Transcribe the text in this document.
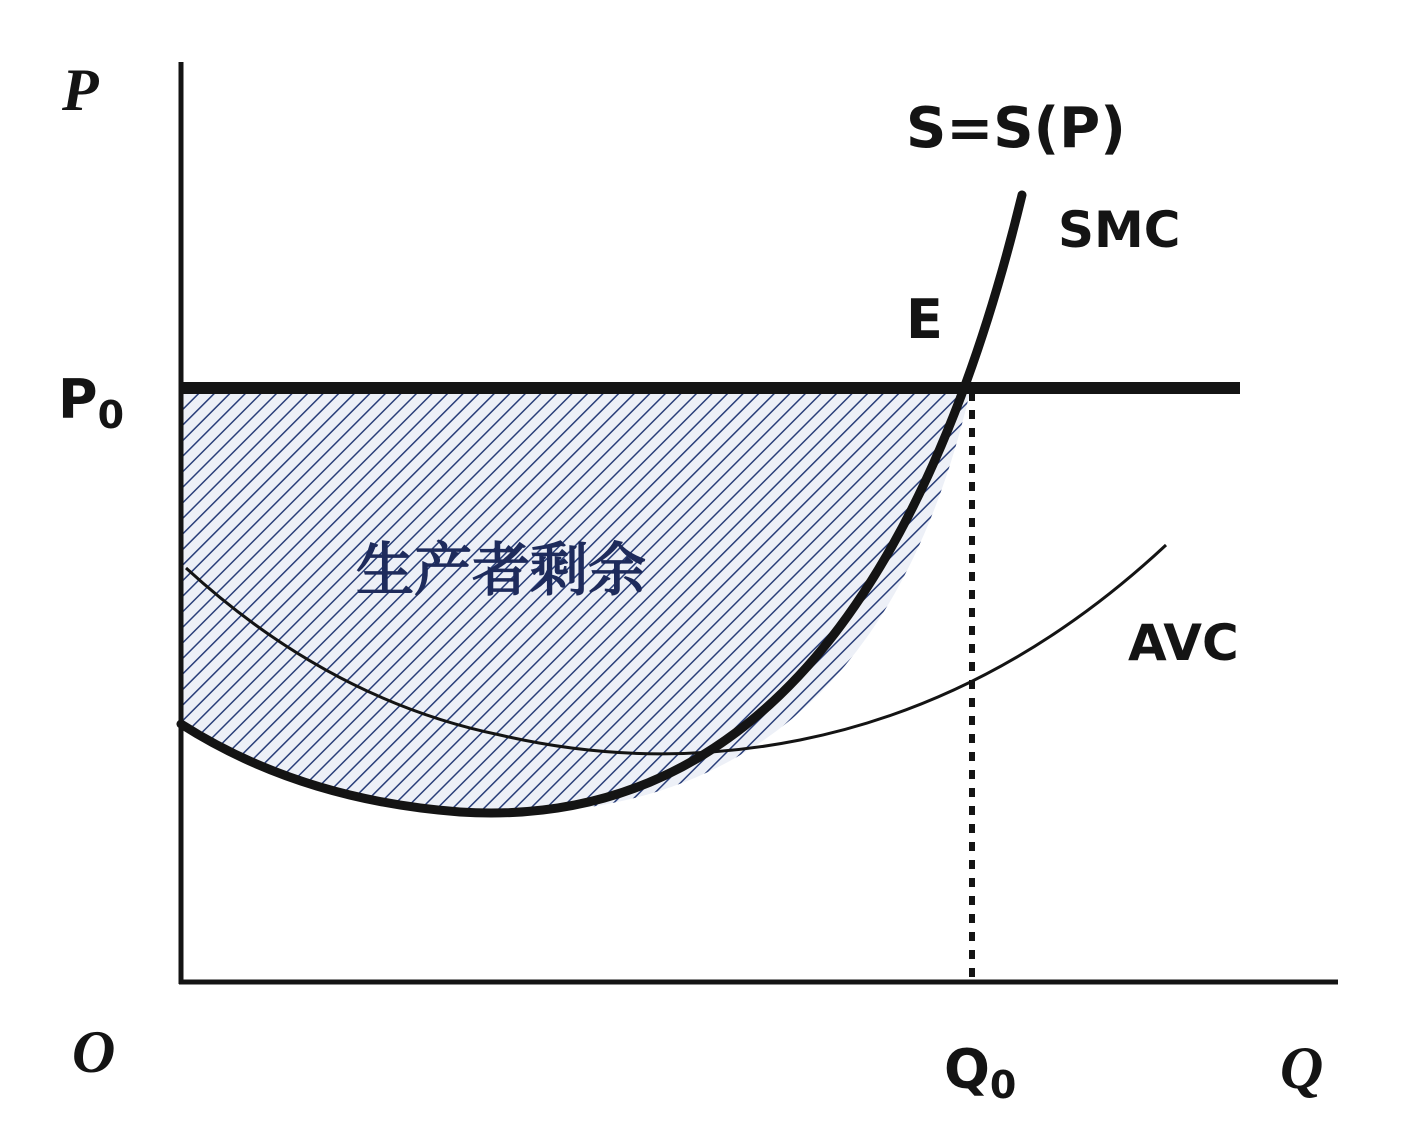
P
O	Q
P0
Q0
S=S(P)
SMC
E
AVC
生产者剩余
